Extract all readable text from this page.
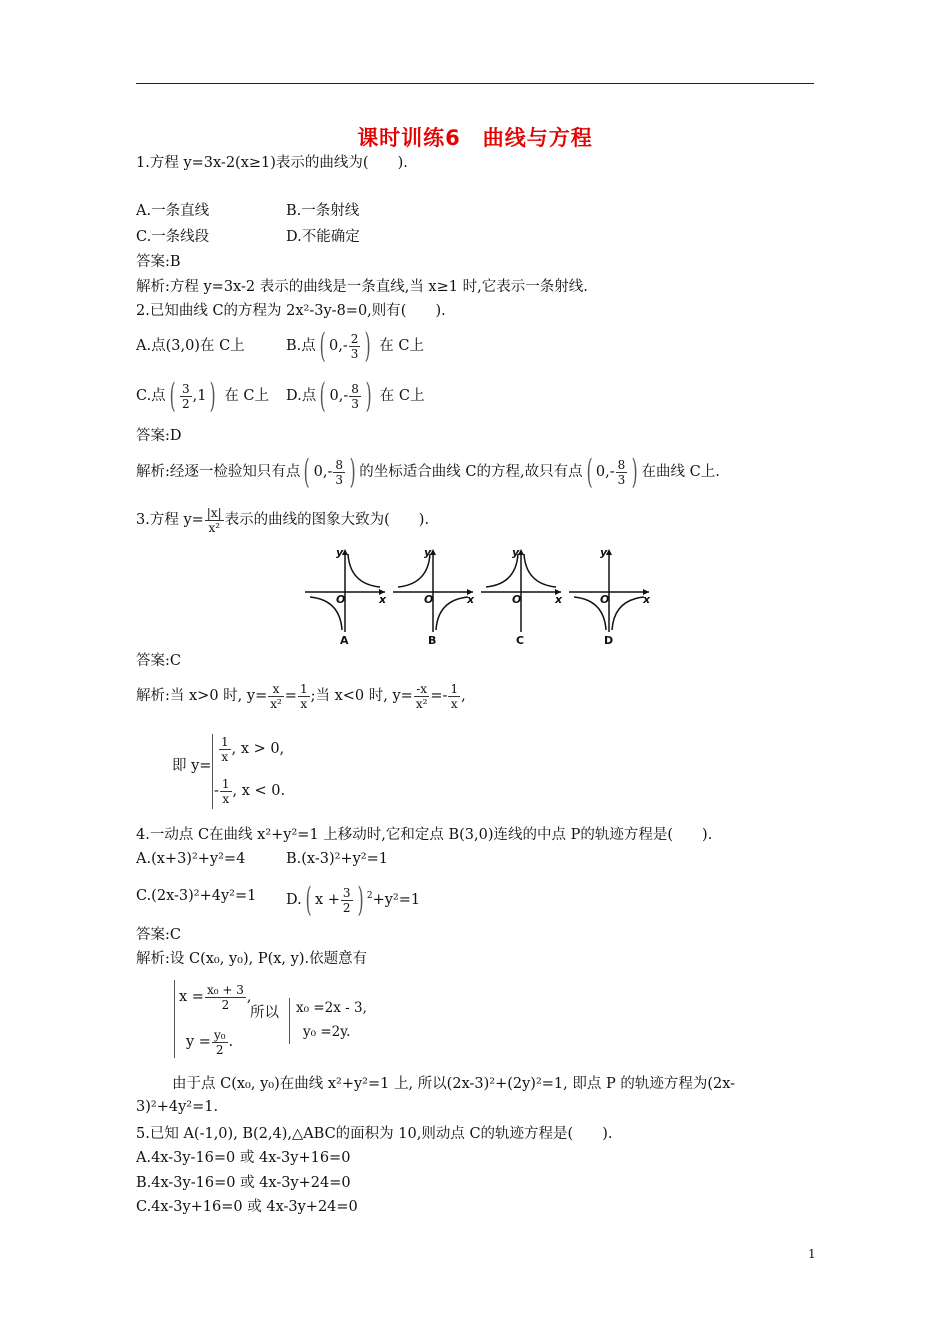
课时训练6　曲线与方程
1.方程 y=3x-2(x≥1)表示的曲线为(　　).
A.一条直线	B.一条射线
C.一条线段	D.不能确定
答案:B
解析:方程 y=3x-2 表示的曲线是一条直线,当 x≥1 时,它表示一条射线.
2.已知曲线 C的方程为 2x²-3y-8=0,则有(　　).
A.点(3,0)在 C上	B.点 ( $0,- \frac{2}{3}$ ) 在 C上
C.点 ( $\frac{3}{2} ,1$ ) 在 C上 D.点 ( $0,- \frac{8}{3}$ ) 在 C上
答案:D
解析:经逐一检验知只有点 ( $0,- \frac{8}{3}$ ) 的坐标适合曲线 C的方程,故只有点 ( $0,- \frac{8}{3}$ ) 在曲线 C上.
3.方程 $y= \frac{|x|}{\text{x²}}$ 表示的曲线的图象大致为(　　).
O	x
y
A
O	x
y
B
O	x
y
C
O	x
y
D
答案:C
解析:当 x>0 时, $y= \frac{x}{\text{x²}} = \frac{1}{x}$ ;当 x<0 时, $y= \frac{-x}{\text{x²}} =- \frac{1}{x}$ ,
即 y=
$\frac{1}{x}$ , x > 0,
- $\frac{1}{x}$ , x < 0.
4.一动点 C在曲线 x²+y²=1 上移动时,它和定点 B(3,0)连线的中点 P的轨迹方程是(　　).
A.(x+3)²+y²=4	B.(x-3)²+y²=1
C.(2x-3)²+4y²=1 D. ( $x + \frac{3}{2}$ ) $^2$+y²=1
答案:C
解析:设 C(x₀, y₀), P(x, y).依题意有
$x = \frac{\text{x₀ + 3}}{2}$ ,
所以 x₀ =2x - 3,
y₀ =2y.
$y = \frac{\text{y₀}}{2}$ .
由于点 C(x₀, y₀)在曲线 x²+y²=1 上, 所以(2x-3)²+(2y)²=1, 即点 P 的轨迹方程为(2x-
3)²+4y²=1.
5.已知 A(-1,0), B(2,4),△ABC的面积为 10,则动点 C的轨迹方程是(　　).
A.4x-3y-16=0 或 4x-3y+16=0
B.4x-3y-16=0 或 4x-3y+24=0
C.4x-3y+16=0 或 4x-3y+24=0
1
